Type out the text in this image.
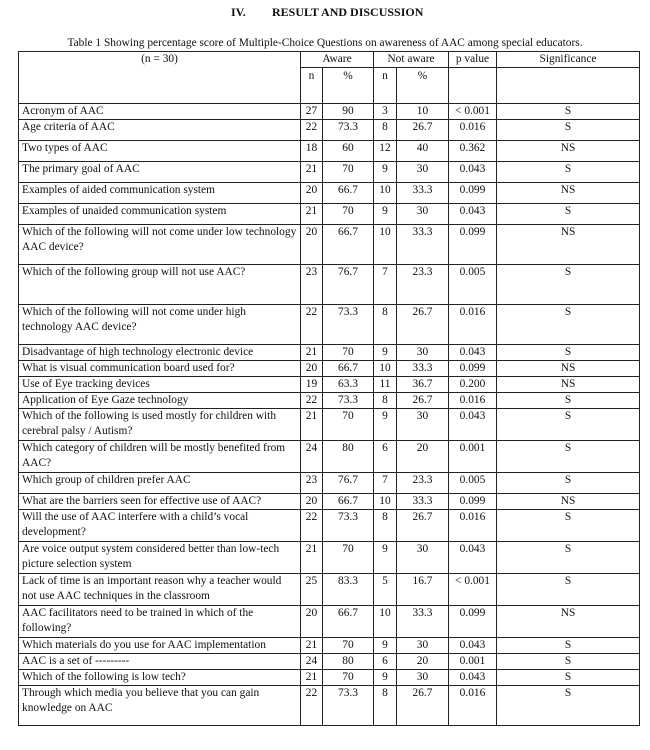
IV. RESULT AND DISCUSSION
Table 1 Showing percentage score of Multiple-Choice Questions on awareness of AAC among special educators.
(n = 30)	Aware		Not aware		p value	Significance
	n	%	n	%		
Acronym of AAC	27	90	3	10	< 0.001	S
Age criteria of AAC	22	73.3	8	26.7	0.016	S
Two types of AAC	18	60	12	40	0.362	NS
The primary goal of AAC	21	70	9	30	0.043	S
Examples of aided communication system	20	66.7	10	33.3	0.099	NS
Examples of unaided communication system	21	70	9	30	0.043	S
Which of the following will not come under low technology AAC device?	20	66.7	10	33.3	0.099	NS
Which of the following group will not use AAC?	23	76.7	7	23.3	0.005	S
Which of the following will not come under high technology AAC device?	22	73.3	8	26.7	0.016	S
Disadvantage of high technology electronic device	21	70	9	30	0.043	S
What is visual communication board used for?	20	66.7	10	33.3	0.099	NS
Use of Eye tracking devices	19	63.3	11	36.7	0.200	NS
Application of Eye Gaze technology	22	73.3	8	26.7	0.016	S
Which of the following is used mostly for children with cerebral palsy / Autism?	21	70	9	30	0.043	S
Which category of children will be mostly benefited from AAC?	24	80	6	20	0.001	S
Which group of children prefer AAC	23	76.7	7	23.3	0.005	S
What are the barriers seen for effective use of AAC?	20	66.7	10	33.3	0.099	NS
Will the use of AAC interfere with a child’s vocal development?	22	73.3	8	26.7	0.016	S
Are voice output system considered better than low-tech picture selection system	21	70	9	30	0.043	S
Lack of time is an important reason why a teacher would not use AAC techniques in the classroom	25	83.3	5	16.7	< 0.001	S
AAC facilitators need to be trained in which of the following?	20	66.7	10	33.3	0.099	NS
Which materials do you use for AAC implementation	21	70	9	30	0.043	S
AAC is a set of ---------	24	80	6	20	0.001	S
Which of the following is low tech?	21	70	9	30	0.043	S
Through which media you believe that you can gain knowledge on AAC	22	73.3	8	26.7	0.016	S
